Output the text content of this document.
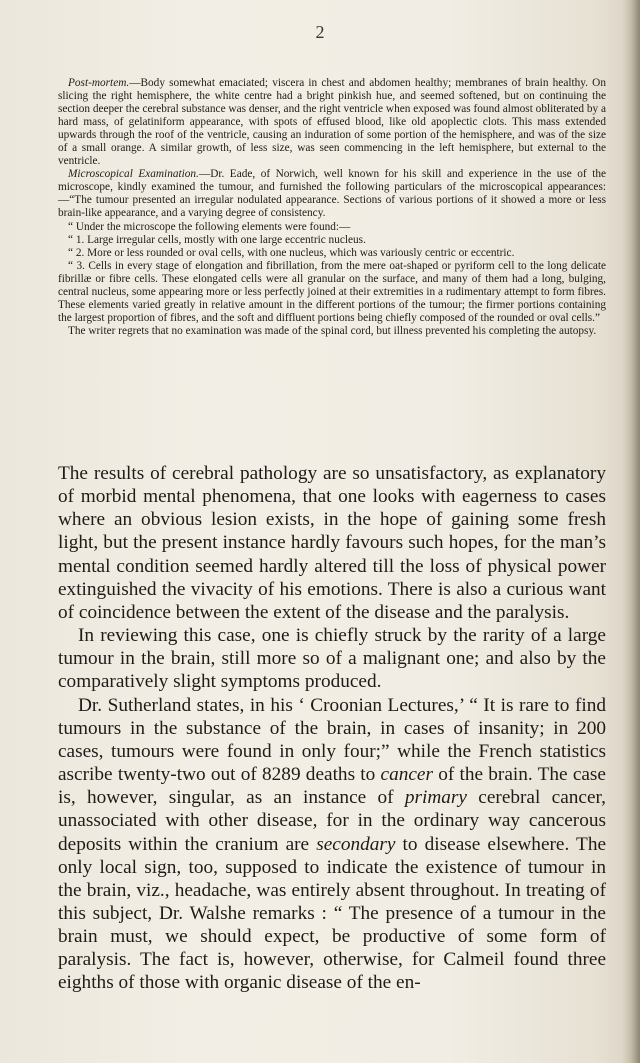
2

Post-mortem.—Body somewhat emaciated; viscera in chest and abdomen healthy; membranes of brain healthy. On slicing the right hemisphere, the white centre had a bright pinkish hue, and seemed softened, but on continuing the section deeper the cerebral substance was denser, and the right ventricle when exposed was found almost obliterated by a hard mass, of gelatiniform appearance, with spots of effused blood, like old apoplectic clots. This mass extended upwards through the roof of the ventricle, causing an induration of some portion of the hemisphere, and was of the size of a small orange. A similar growth, of less size, was seen commencing in the left hemisphere, but external to the ventricle.

Microscopical Examination.—Dr. Eade, of Norwich, well known for his skill and experience in the use of the microscope, kindly examined the tumour, and furnished the following particulars of the microscopical appearances:—“The tumour presented an irregular nodulated appearance. Sections of various portions of it showed a more or less brain-like appearance, and a varying degree of consistency.

“ Under the microscope the following elements were found:—

“ 1. Large irregular cells, mostly with one large eccentric nucleus.

“ 2. More or less rounded or oval cells, with one nucleus, which was variously centric or eccentric.

“ 3. Cells in every stage of elongation and fibrillation, from the mere oat-shaped or pyriform cell to the long delicate fibrillæ or fibre cells. These elongated cells were all granular on the surface, and many of them had a long, bulging, central nucleus, some appearing more or less perfectly joined at their extremities in a rudimentary attempt to form fibres. These elements varied greatly in relative amount in the different portions of the tumour; the firmer portions containing the largest proportion of fibres, and the soft and diffluent portions being chiefly composed of the rounded or oval cells.”

The writer regrets that no examination was made of the spinal cord, but illness prevented his completing the autopsy.

The results of cerebral pathology are so unsatisfactory, as explanatory of morbid mental phenomena, that one looks with eagerness to cases where an obvious lesion exists, in the hope of gaining some fresh light, but the present instance hardly favours such hopes, for the man’s mental condition seemed hardly altered till the loss of physical power extinguished the vivacity of his emotions. There is also a curious want of coincidence between the extent of the disease and the paralysis.

In reviewing this case, one is chiefly struck by the rarity of a large tumour in the brain, still more so of a malignant one; and also by the comparatively slight symptoms produced.

Dr. Sutherland states, in his ‘ Croonian Lectures,’ “ It is rare to find tumours in the substance of the brain, in cases of insanity; in 200 cases, tumours were found in only four;” while the French statistics ascribe twenty-two out of 8289 deaths to cancer of the brain. The case is, however, singular, as an instance of primary cerebral cancer, unassociated with other disease, for in the ordinary way cancerous deposits within the cranium are secondary to disease elsewhere. The only local sign, too, supposed to indicate the existence of tumour in the brain, viz., headache, was entirely absent throughout. In treating of this subject, Dr. Walshe remarks : “ The presence of a tumour in the brain must, we should expect, be productive of some form of paralysis. The fact is, however, otherwise, for Calmeil found three eighths of those with organic disease of the en-
